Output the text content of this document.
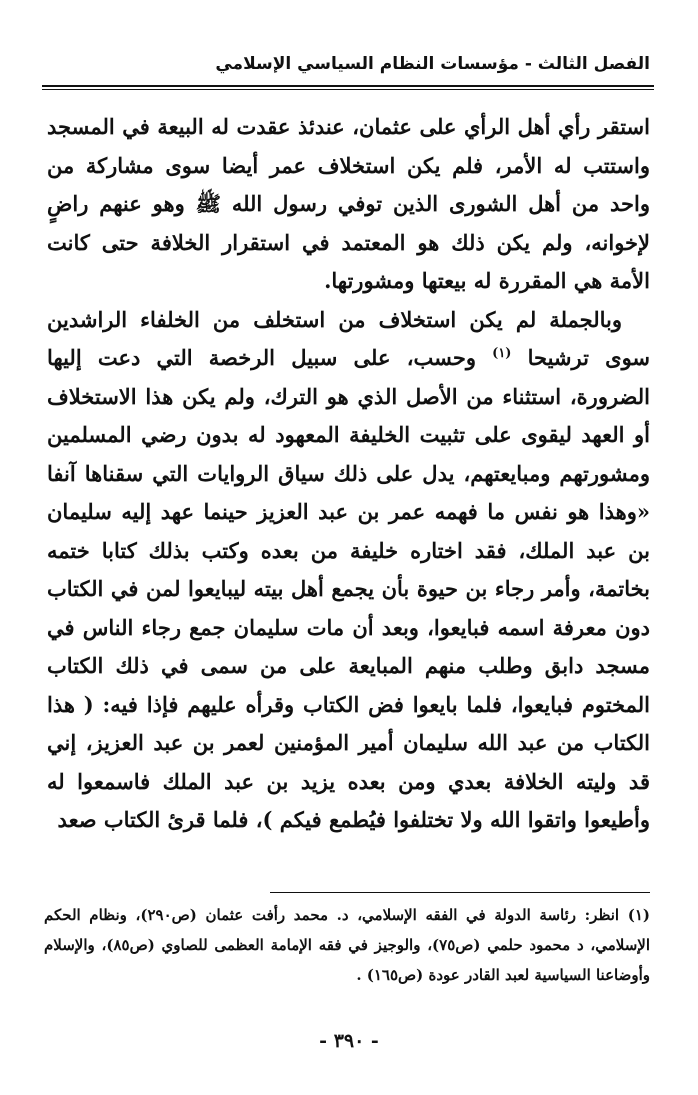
الفصل الثالث - مؤسسات النظام السياسي الإسلامي

استقر رأي أهل الرأي على عثمان، عندئذ عقدت له البيعة في المسجد واستتب له الأمر، فلم يكن استخلاف عمر أيضا سوى مشاركة من واحد من أهل الشورى الذين توفي رسول الله ﷺ وهو عنهم راضٍ لإخوانه، ولم يكن ذلك هو المعتمد في استقرار الخلافة حتى كانت الأمة هي المقررة له بيعتها ومشورتها.

وبالجملة لم يكن استخلاف من استخلف من الخلفاء الراشدين سوى ترشيحا $^{(١)}$ وحسب، على سبيل الرخصة التي دعت إليها الضرورة، استثناء من الأصل الذي هو الترك، ولم يكن هذا الاستخلاف أو العهد ليقوى على تثبيت الخليفة المعهود له بدون رضي المسلمين ومشورتهم ومبايعتهم، يدل على ذلك سياق الروايات التي سقناها آنفا «وهذا هو نفس ما فهمه عمر بن عبد العزيز حينما عهد إليه سليمان بن عبد الملك، فقد اختاره خليفة من بعده وكتب بذلك كتابا ختمه بخاتمة، وأمر رجاء بن حيوة بأن يجمع أهل بيته ليبايعوا لمن في الكتاب دون معرفة اسمه فبايعوا، وبعد أن مات سليمان جمع رجاء الناس في مسجد دابق وطلب منهم المبايعة على من سمى في ذلك الكتاب المختوم فبايعوا، فلما بايعوا فض الكتاب وقرأه عليهم فإذا فيه: ( هذا الكتاب من عبد الله سليمان أمير المؤمنين لعمر بن عبد العزيز، إني قد وليته الخلافة بعدي ومن بعده يزيد بن عبد الملك فاسمعوا له وأطيعوا واتقوا الله ولا تختلفوا فيُطمع فيكم )، فلما قرئ الكتاب صعد

(١) انظر: رئاسة الدولة في الفقه الإسلامي، د. محمد رأفت عثمان (ص٢٩٠)، ونظام الحكم الإسلامي، د محمود حلمي (ص٧٥)، والوجيز في فقه الإمامة العظمى للصاوي (ص٨٥)، والإسلام وأوضاعنا السياسية لعبد القادر عودة (ص١٦٥) .
- ٣٩٠ -
